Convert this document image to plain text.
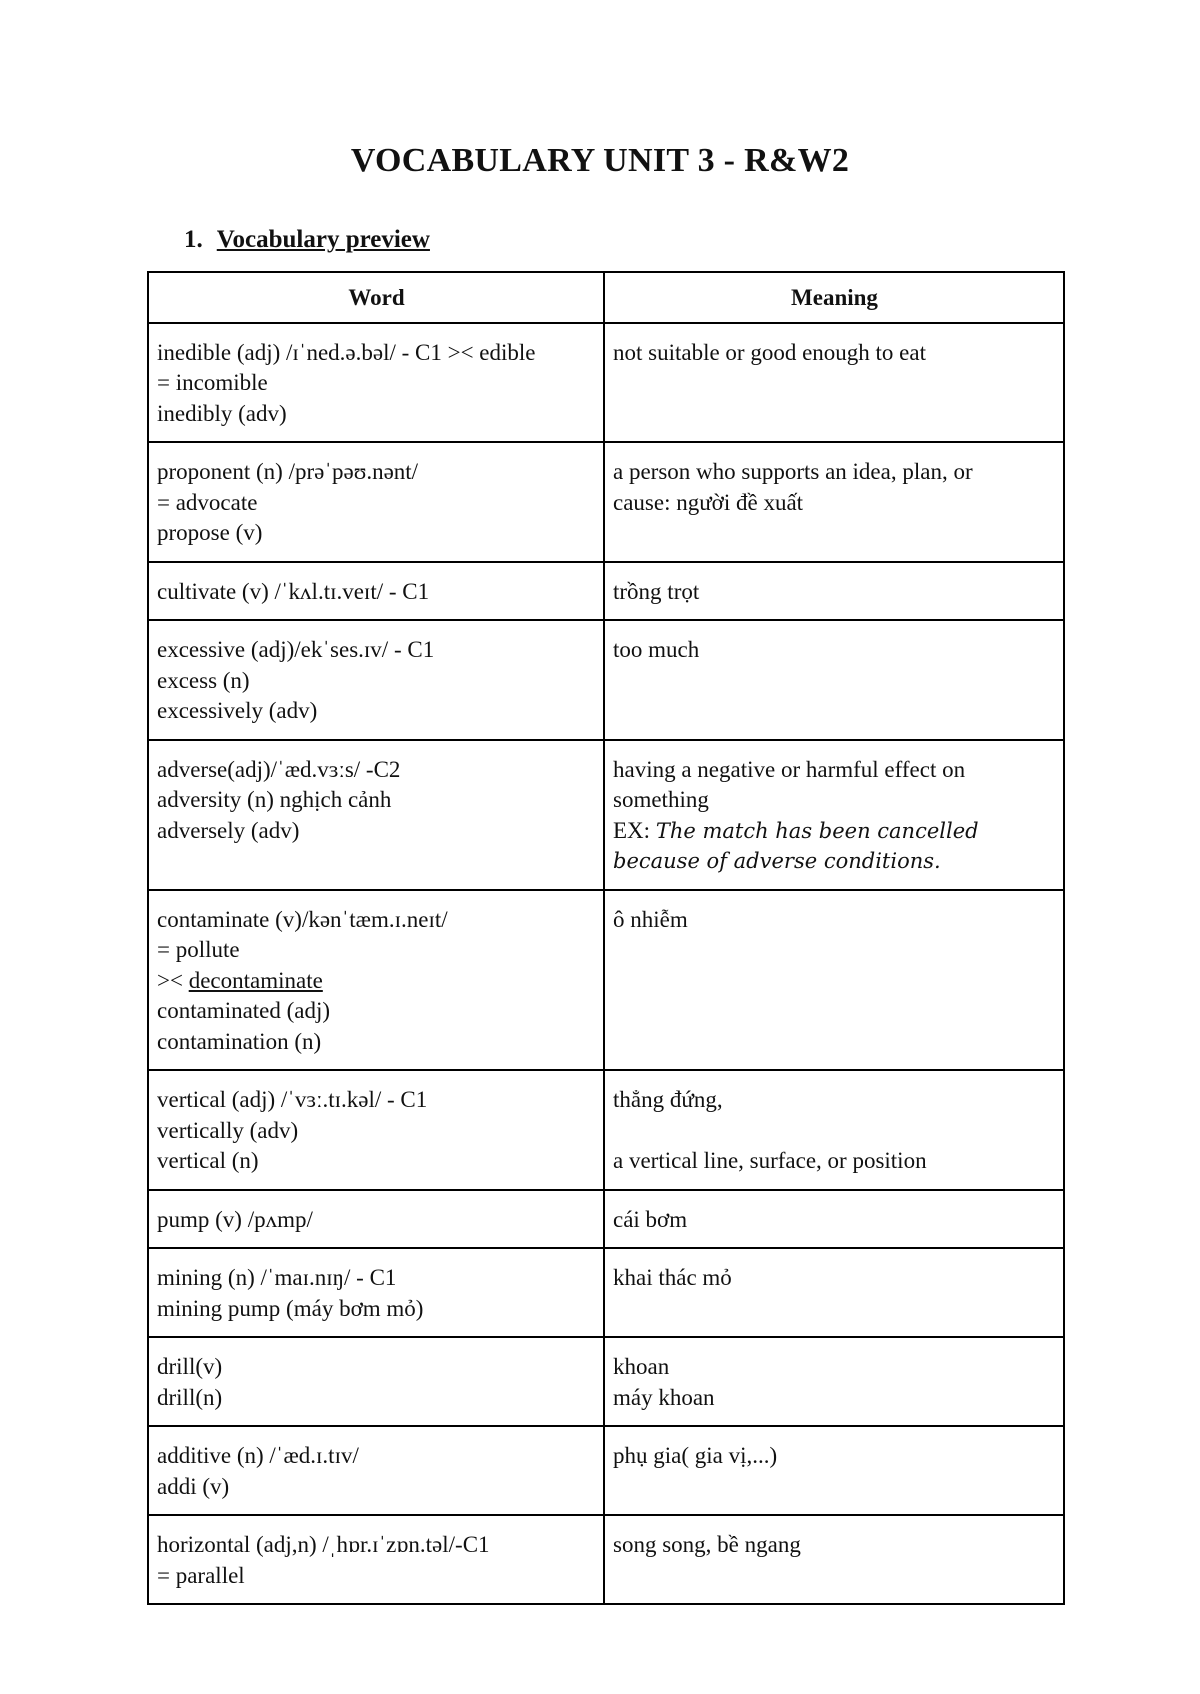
VOCABULARY UNIT 3 - R&W2
1. Vocabulary preview
Word	Meaning

inedible (adj) /ɪˈned.ə.bəl/ - C1 >< edible
= incomible
inedibly (adv)	not suitable or good enough to eat

proponent (n) /prəˈpəʊ.nənt/
= advocate
propose (v)	a person who supports an idea, plan, or
cause: người đề xuất

cultivate (v) /ˈkʌl.tɪ.veɪt/ - C1	trồng trọt

excessive (adj)/ekˈses.ɪv/ - C1
excess (n)
excessively (adv)	too much

adverse(adj)/ˈæd.vɜːs/ -C2
adversity (n) nghịch cảnh
adversely (adv)	having a negative or harmful effect on
something
EX: The match has been cancelled
because of adverse conditions.

contaminate (v)/kənˈtæm.ɪ.neɪt/
= pollute
>< decontaminate
contaminated (adj)
contamination (n)	ô nhiễm

vertical (adj) /ˈvɜː.tɪ.kəl/ - C1
vertically (adv)
vertical (n)	thẳng đứng,
a vertical line, surface, or position

pump (v) /pʌmp/	cái bơm

mining (n) /ˈmaɪ.nɪŋ/ - C1
mining pump (máy bơm mỏ)	khai thác mỏ

drill(v)
drill(n)	khoan
máy khoan

additive (n) /ˈæd.ɪ.tɪv/
addi (v)	phụ gia( gia vị,...)

horizontal (adj,n) /ˌhɒr.ɪˈzɒn.təl/-C1
= parallel	song song, bề ngang
